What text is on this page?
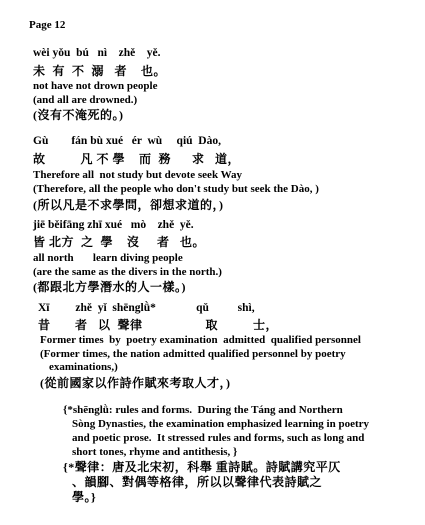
Page 12
wèi yǒu  bú   nì    zhě    yě.
未  有  不  溺   者    也。
not have not drown people
(and all are drowned.)
(沒有不淹死的。)
Gù        fán bù xué   ér  wù     qiú  Dào,
故          凡 不 學    而  務      求   道，
Therefore all  not study but devote seek Way
(Therefore, all the people who don't study but seek the Dào, )
(所以凡是不求學問，卻想求道的，)
jiē běifāng zhī xué   mò    zhě  yě.
皆 北方  之  學    沒     者   也。
all north       learn diving people
(are the same as the divers in the north.)
(都跟北方學潛水的人一樣。)
Xī         zhě  yǐ  shēnglǜ*              qǔ          shì,
昔       者   以  聲律                  取          士，
Former times  by  poetry examination  admitted  qualified personnel
(Former times, the nation admitted qualified personnel by poetry
examinations,)
(從前國家以作詩作賦來考取人才，)
{*shēnglǜ: rules and forms.  During the Táng and Northern
Sòng Dynasties, the examination emphasized learning in poetry
and poetic prose.  It stressed rules and forms, such as long and
short tones, rhyme and antithesis, }
{*聲律：唐及北宋初，科舉 重詩賦。詩賦講究平仄
、韻腳、對偶等格律，所以以聲律代表詩賦之
學。}
